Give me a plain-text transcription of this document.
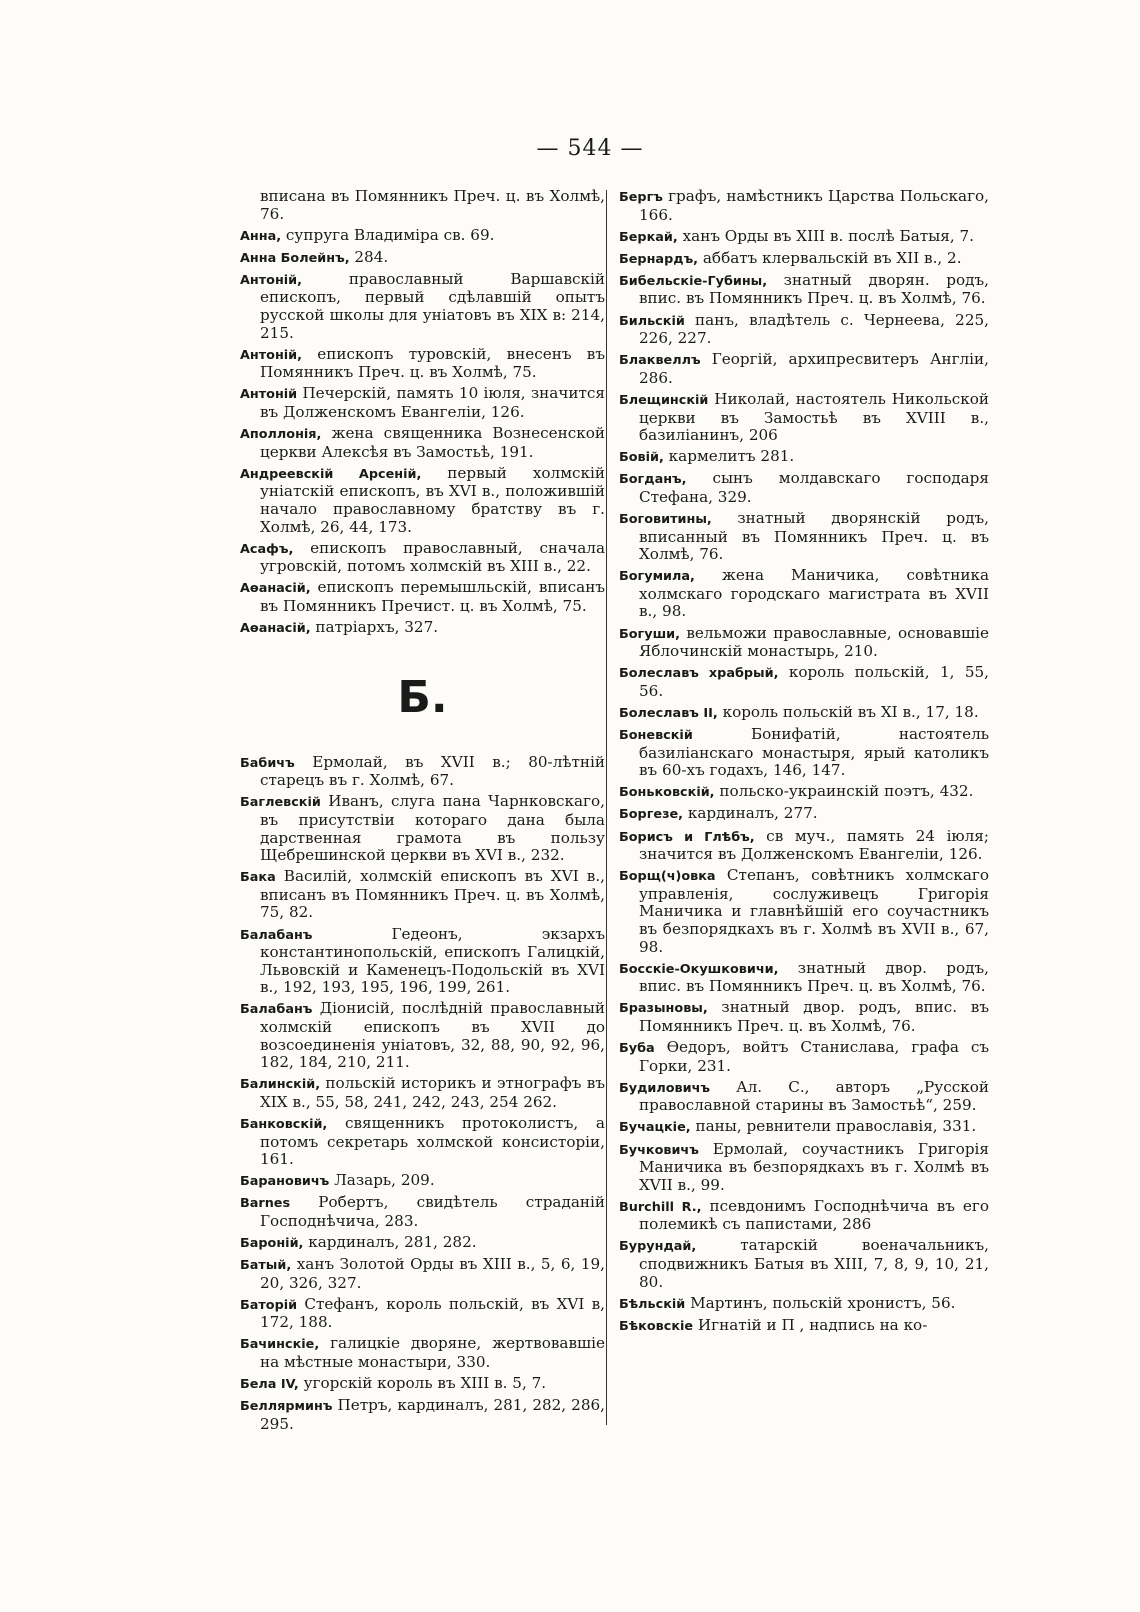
— 544 —
вписана въ Помянникъ Преч. ц. въ Холмѣ, 76.

Анна, супруга Владиміра св. 69.

Анна Болейнъ, 284.

Антоній, православный Варшавскій епископъ, первый сдѣлавшій опытъ русской школы для уніатовъ въ XIX в: 214, 215.

Антоній, епископъ туровскій, внесенъ въ Помянникъ Преч. ц. въ Холмѣ, 75.

Антоній Печерскій, память 10 іюля, значится въ Долженскомъ Евангеліи, 126.

Аполлонія, жена священника Вознесенской церкви Алексѣя въ Замостьѣ, 191.

Андреевскій Арсеній, первый холмскій уніатскій епископъ, въ XVI в., положившій начало православному братству въ г. Холмѣ, 26, 44, 173.

Асафъ, епископъ православный, сначала угровскій, потомъ холмскій въ XIII в., 22.

Аѳанасій, епископъ перемышльскій, вписанъ въ Помянникъ Пречист. ц. въ Холмѣ, 75.

Аѳанасій, патріархъ, 327.

Б.

Бабичъ Ермолай, въ XVII в.; 80-лѣтній старецъ въ г. Холмѣ, 67.

Баглевскій Иванъ, слуга пана Чарнковскаго, въ присутствіи котораго дана была дарственная грамота въ пользу Щебрешинской церкви въ XVI в., 232.

Бака Василій, холмскій епископъ въ XVI в., вписанъ въ Помянникъ Преч. ц. въ Холмѣ, 75, 82.

Балабанъ Гедеонъ, экзархъ константинопольскій, епископъ Галицкій, Львовскій и Каменецъ-Подольскій въ XVI в., 192, 193, 195, 196, 199, 261.

Балабанъ Діонисій, послѣдній православный холмскій епископъ въ XVII до возсоединенія уніатовъ, 32, 88, 90, 92, 96, 182, 184, 210, 211.

Балинскій, польскій историкъ и этнографъ въ XIX в., 55, 58, 241, 242, 243, 254 262.

Банковскій, священникъ протоколистъ, а потомъ секретарь холмской консисторіи, 161.

Барановичъ Лазарь, 209.

Barnes Робертъ, свидѣтель страданій Господнѣчича, 283.

Бароній, кардиналъ, 281, 282.

Батый, ханъ Золотой Орды въ XIII в., 5, 6, 19, 20, 326, 327.

Баторій Стефанъ, король польскій, въ XVI в, 172, 188.

Бачинскіе, галицкіе дворяне, жертвовавшіе на мѣстные монастыри, 330.

Бела IV, угорскій король въ XIII в. 5, 7.

Беллярминъ Петръ, кардиналъ, 281, 282, 286, 295.

Бергъ графъ, намѣстникъ Царства Польскаго, 166.

Беркай, ханъ Орды въ XIII в. послѣ Батыя, 7.

Бернардъ, аббатъ клервальскій въ XII в., 2.

Бибельскіе-Губины, знатный дворян. родъ, впис. въ Помянникъ Преч. ц. въ Холмѣ, 76.

Бильскій панъ, владѣтель с. Чернеева, 225, 226, 227.

Блаквеллъ Георгій, архипресвитеръ Англіи, 286.

Блещинскій Николай, настоятель Никольской церкви въ Замостьѣ въ XVIII в., базиліанинъ, 206

Бовій, кармелитъ 281.

Богданъ, сынъ молдавскаго господаря Стефана, 329.

Боговитины, знатный дворянскій родъ, вписанный въ Помянникъ Преч. ц. въ Холмѣ, 76.

Богумила, жена Маничика, совѣтника холмскаго городскаго магистрата въ XVII в., 98.

Богуши, вельможи православные, основавшіе Яблочинскій монастырь, 210.

Болеславъ храбрый, король польскій, 1, 55, 56.

Болеславъ II, король польскій въ XI в., 17, 18.

Боневскій Бонифатій, настоятель базиліанскаго монастыря, ярый католикъ въ 60-хъ годахъ, 146, 147.

Боньковскій, польско-украинскій поэтъ, 432.

Боргезе, кардиналъ, 277.

Борисъ и Глѣбъ, св муч., память 24 іюля; значится въ Долженскомъ Евангеліи, 126.

Борщ(ч)овка Степанъ, совѣтникъ холмскаго управленія, сослуживецъ Григорія Маничика и главнѣйшій его соучастникъ въ безпорядкахъ въ г. Холмѣ въ XVII в., 67, 98.

Босскіе-Окушковичи, знатный двор. родъ, впис. въ Помянникъ Преч. ц. въ Холмѣ, 76.

Бразыновы, знатный двор. родъ, впис. въ Помянникъ Преч. ц. въ Холмѣ, 76.

Буба Ѳедоръ, войтъ Станислава, графа съ Горки, 231.

Будиловичъ Ал. С., авторъ „Русской православной старины въ Замостьѣ“, 259.

Бучацкіе, паны, ревнители православія, 331.

Бучковичъ Ермолай, соучастникъ Григорія Маничика въ безпорядкахъ въ г. Холмѣ въ XVII в., 99.

Burchill R., псевдонимъ Господнѣчича въ его полемикѣ съ папистами, 286

Бурундай, татарскій военачальникъ, сподвижникъ Батыя въ XIII, 7, 8, 9, 10, 21, 80.

Бѣльскій Мартинъ, польскій хронистъ, 56.

Бѣковскіе Игнатій и П , надпись на ко-
